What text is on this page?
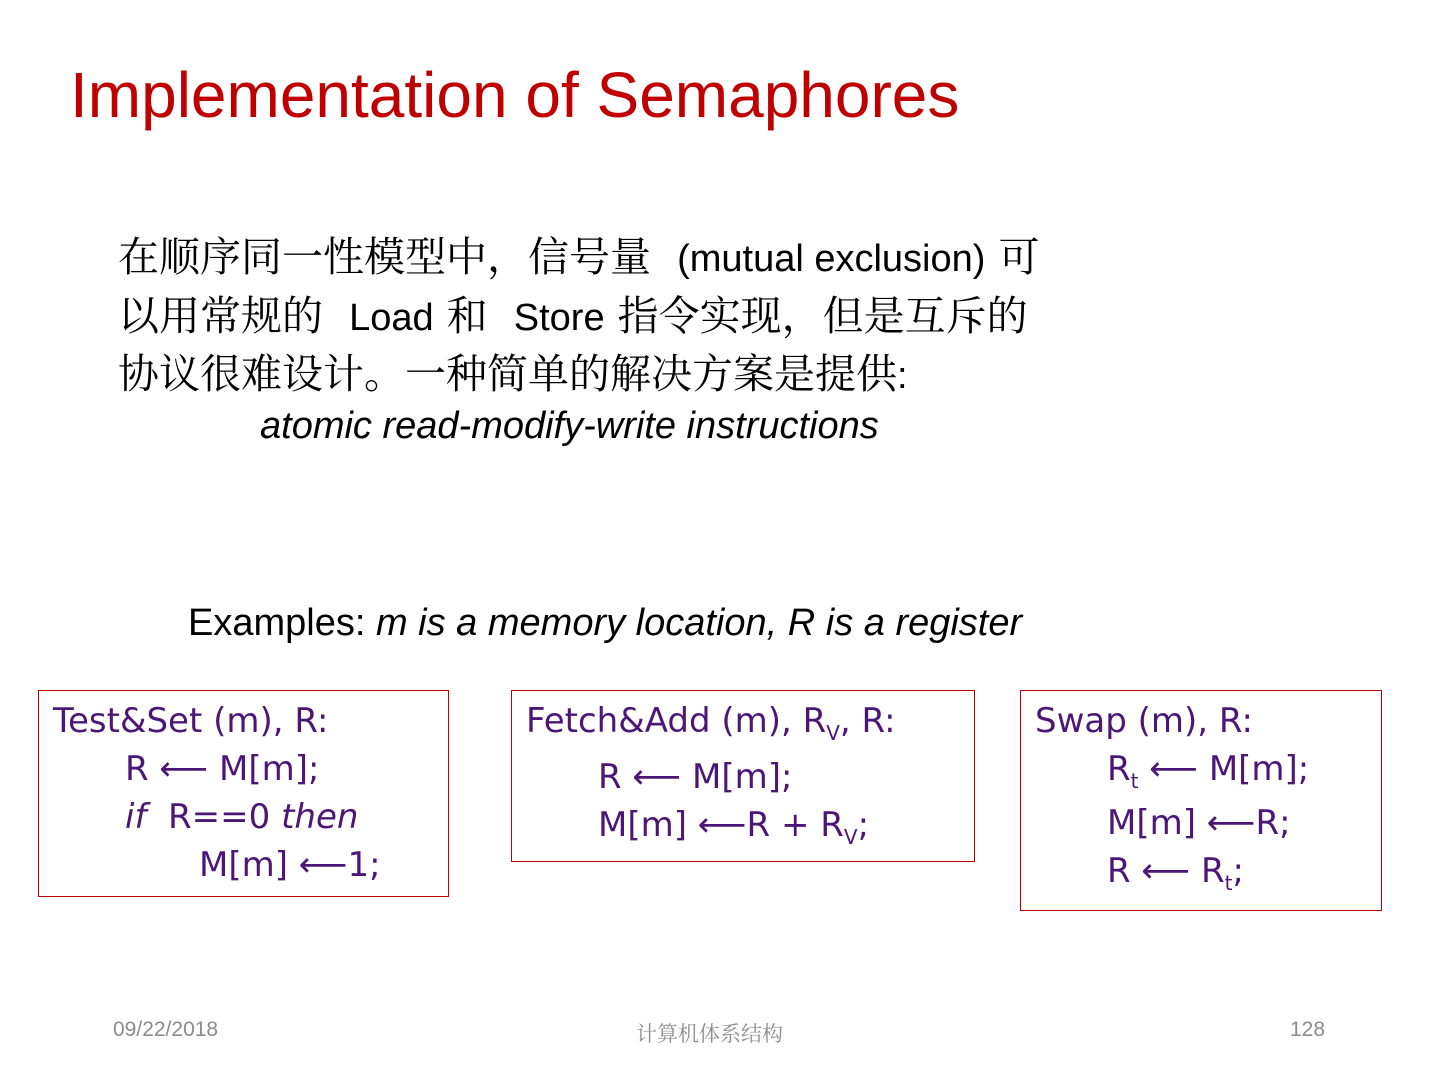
Implementation of Semaphores
在顺序同一性模型中，信号量 (mutual exclusion) 可
以用常规的 Load 和 Store 指令实现，但是互斥的
协议很难设计。一种简单的解决方案是提供:
atomic read-modify-write instructions
Examples: m is a memory location, R is a register
Test&Set (m), R:
R ⟵ M[m];
if R==0 then
M[m] ⟵1;
Fetch&Add (m), $R_V$, R:
R ⟵ M[m];
M[m] ⟵R + $R_V$;
Swap (m), R:
$R_t$ ⟵ M[m];
M[m] ⟵R;
R ⟵ $R_t$;
09/22/2018	计算机体系结构	128
